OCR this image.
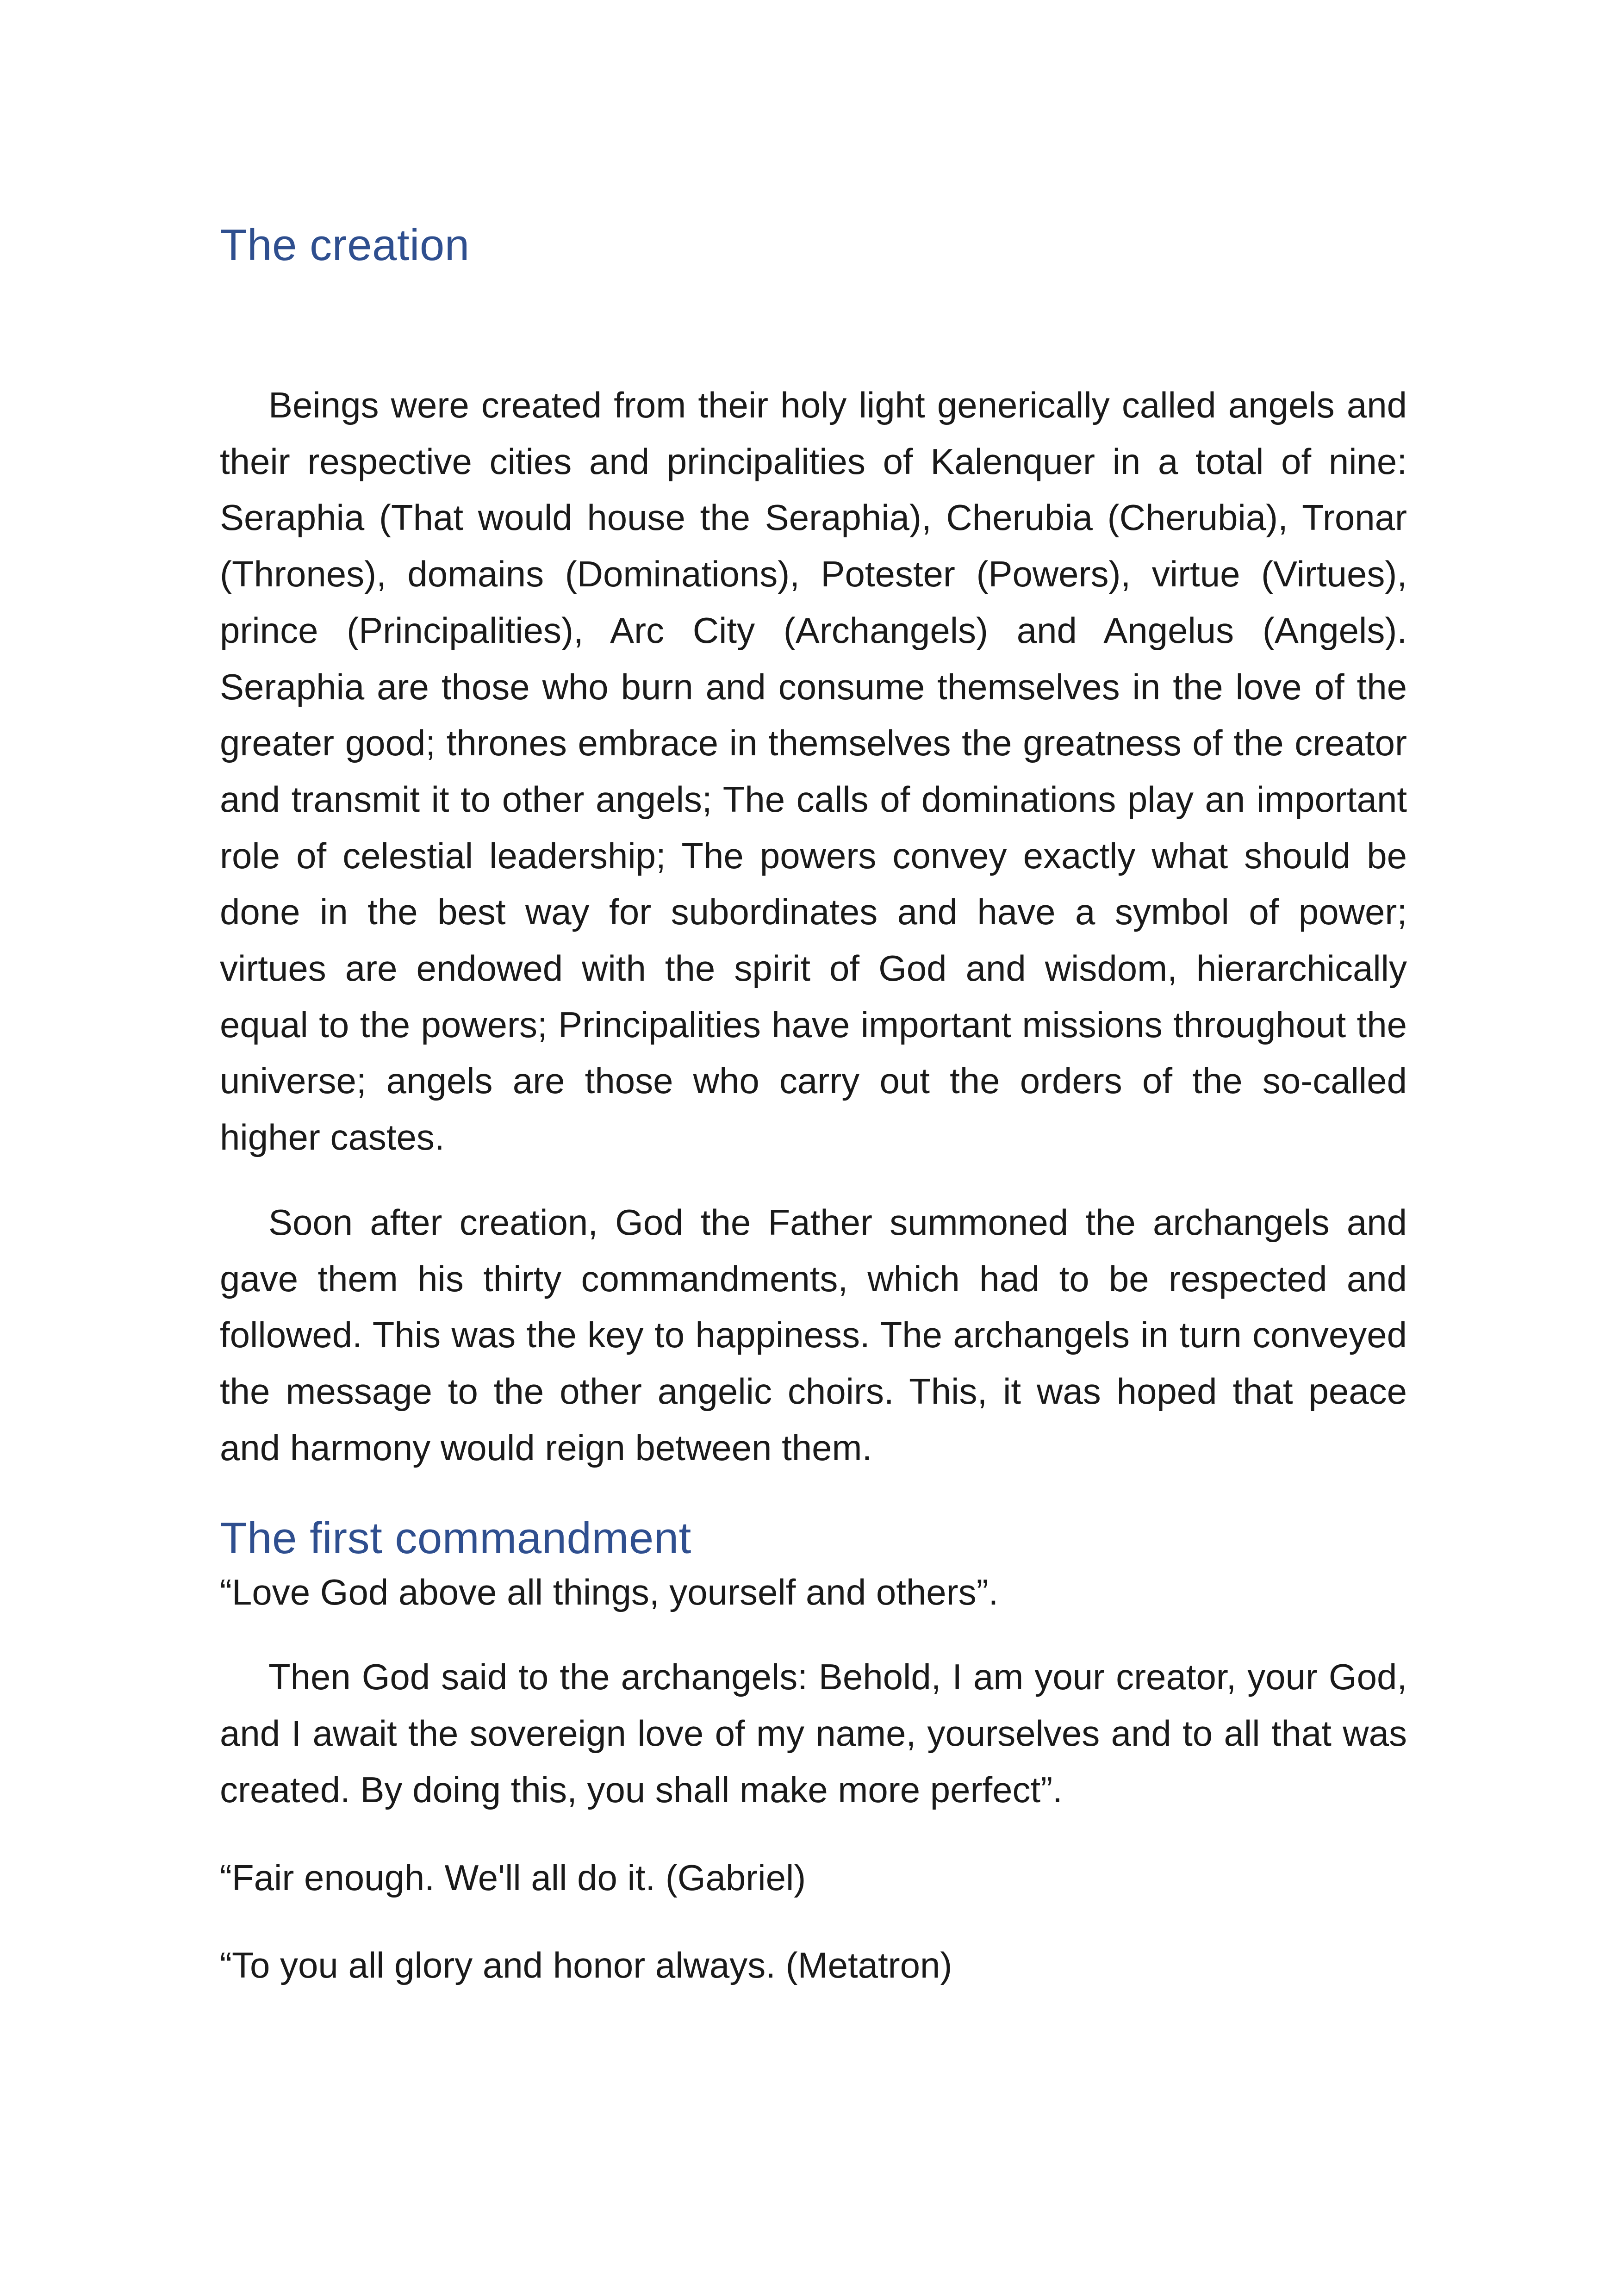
The creation

Beings were created from their holy light generically called angels and their respective cities and principalities of Kalenquer in a total of nine: Seraphia (That would house the Seraphia), Cherubia (Cherubia), Tronar (Thrones), domains (Dominations), Potester (Powers), virtue (Virtues), prince (Principalities), Arc City (Archangels) and Angelus (Angels). Seraphia are those who burn and consume themselves in the love of the greater good; thrones embrace in themselves the greatness of the creator and transmit it to other angels; The calls of dominations play an important role of celestial leadership; The powers convey exactly what should be done in the best way for subordinates and have a symbol of power; virtues are endowed with the spirit of God and wisdom, hierarchically equal to the powers; Principalities have important missions throughout the universe; angels are those who carry out the orders of the so-called higher castes.

Soon after creation, God the Father summoned the archangels and gave them his thirty commandments, which had to be respected and followed. This was the key to happiness. The archangels in turn conveyed the message to the other angelic choirs. This, it was hoped that peace and harmony would reign between them.

The first commandment

“Love God above all things, yourself and others”.

Then God said to the archangels: Behold, I am your creator, your God, and I await the sovereign love of my name, yourselves and to all that was created. By doing this, you shall make more perfect”.

“Fair enough. We'll all do it. (Gabriel)

“To you all glory and honor always. (Metatron)
